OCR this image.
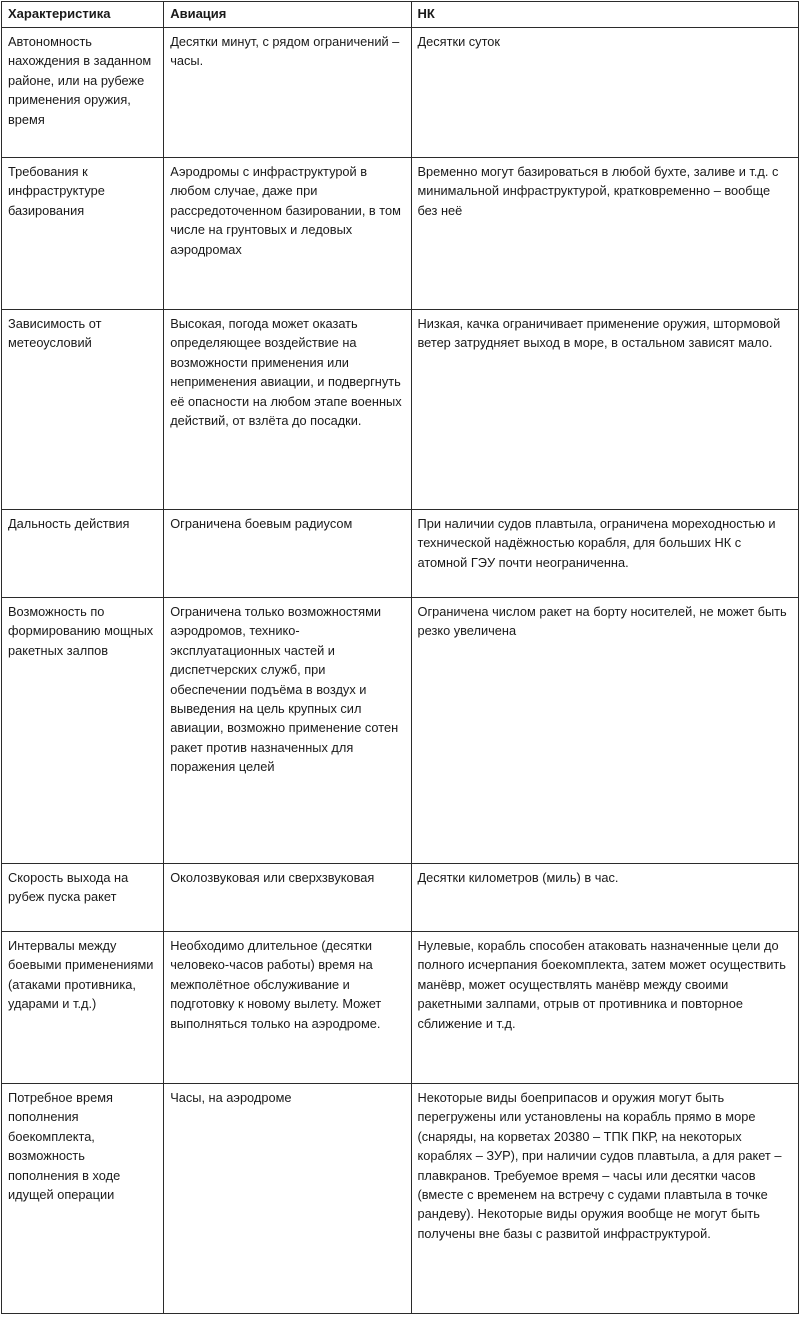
Характеристика	Авиация	НК
Автономность нахождения в заданном районе, или на рубеже применения оружия, время	Десятки минут, с рядом ограничений – часы.	Десятки суток
Требования к инфраструктуре базирования	Аэродромы с инфраструктурой в любом случае, даже при рассредоточенном базировании, в том числе на грунтовых и ледовых аэродромах	Временно могут базироваться в любой бухте, заливе и т.д. с минимальной инфраструктурой, кратковременно – вообще без неё
Зависимость от метеоусловий	Высокая, погода может оказать определяющее воздействие на возможности применения или неприменения авиации, и подвергнуть её опасности на любом этапе военных действий, от взлёта до посадки.	Низкая, качка ограничивает применение оружия, штормовой ветер затрудняет выход в море, в остальном зависят мало.
Дальность действия	Ограничена боевым радиусом	При наличии судов плавтыла, ограничена мореходностью и технической надёжностью корабля, для больших НК с атомной ГЭУ почти неограниченна.
Возможность по формированию мощных ракетных залпов	Ограничена только возможностями аэродромов, технико-эксплуатационных частей и диспетчерских служб, при обеспечении подъёма в воздух и выведения на цель крупных сил авиации, возможно применение сотен ракет против назначенных для поражения целей	Ограничена числом ракет на борту носителей, не может быть резко увеличена
Скорость выхода на рубеж пуска ракет	Околозвуковая или сверхзвуковая	Десятки километров (миль) в час.
Интервалы между боевыми применениями (атаками противника, ударами и т.д.)	Необходимо длительное (десятки человеко-часов работы) время на межполётное обслуживание и подготовку к новому вылету. Может выполняться только на аэродроме.	Нулевые, корабль способен атаковать назначенные цели до полного исчерпания боекомплекта, затем может осуществить манёвр, может осуществлять манёвр между своими ракетными залпами, отрыв от противника и повторное сближение и т.д.
Потребное время пополнения боекомплекта, возможность пополнения в ходе идущей операции	Часы, на аэродроме	Некоторые виды боеприпасов и оружия могут быть перегружены или установлены на корабль прямо в море (снаряды, на корветах 20380 – ТПК ПКР, на некоторых кораблях – ЗУР), при наличии судов плавтыла, а для ракет – плавкранов. Требуемое время – часы или десятки часов (вместе с временем на встречу с судами плавтыла в точке рандеву). Некоторые виды оружия вообще не могут быть получены вне базы с развитой инфраструктурой.
